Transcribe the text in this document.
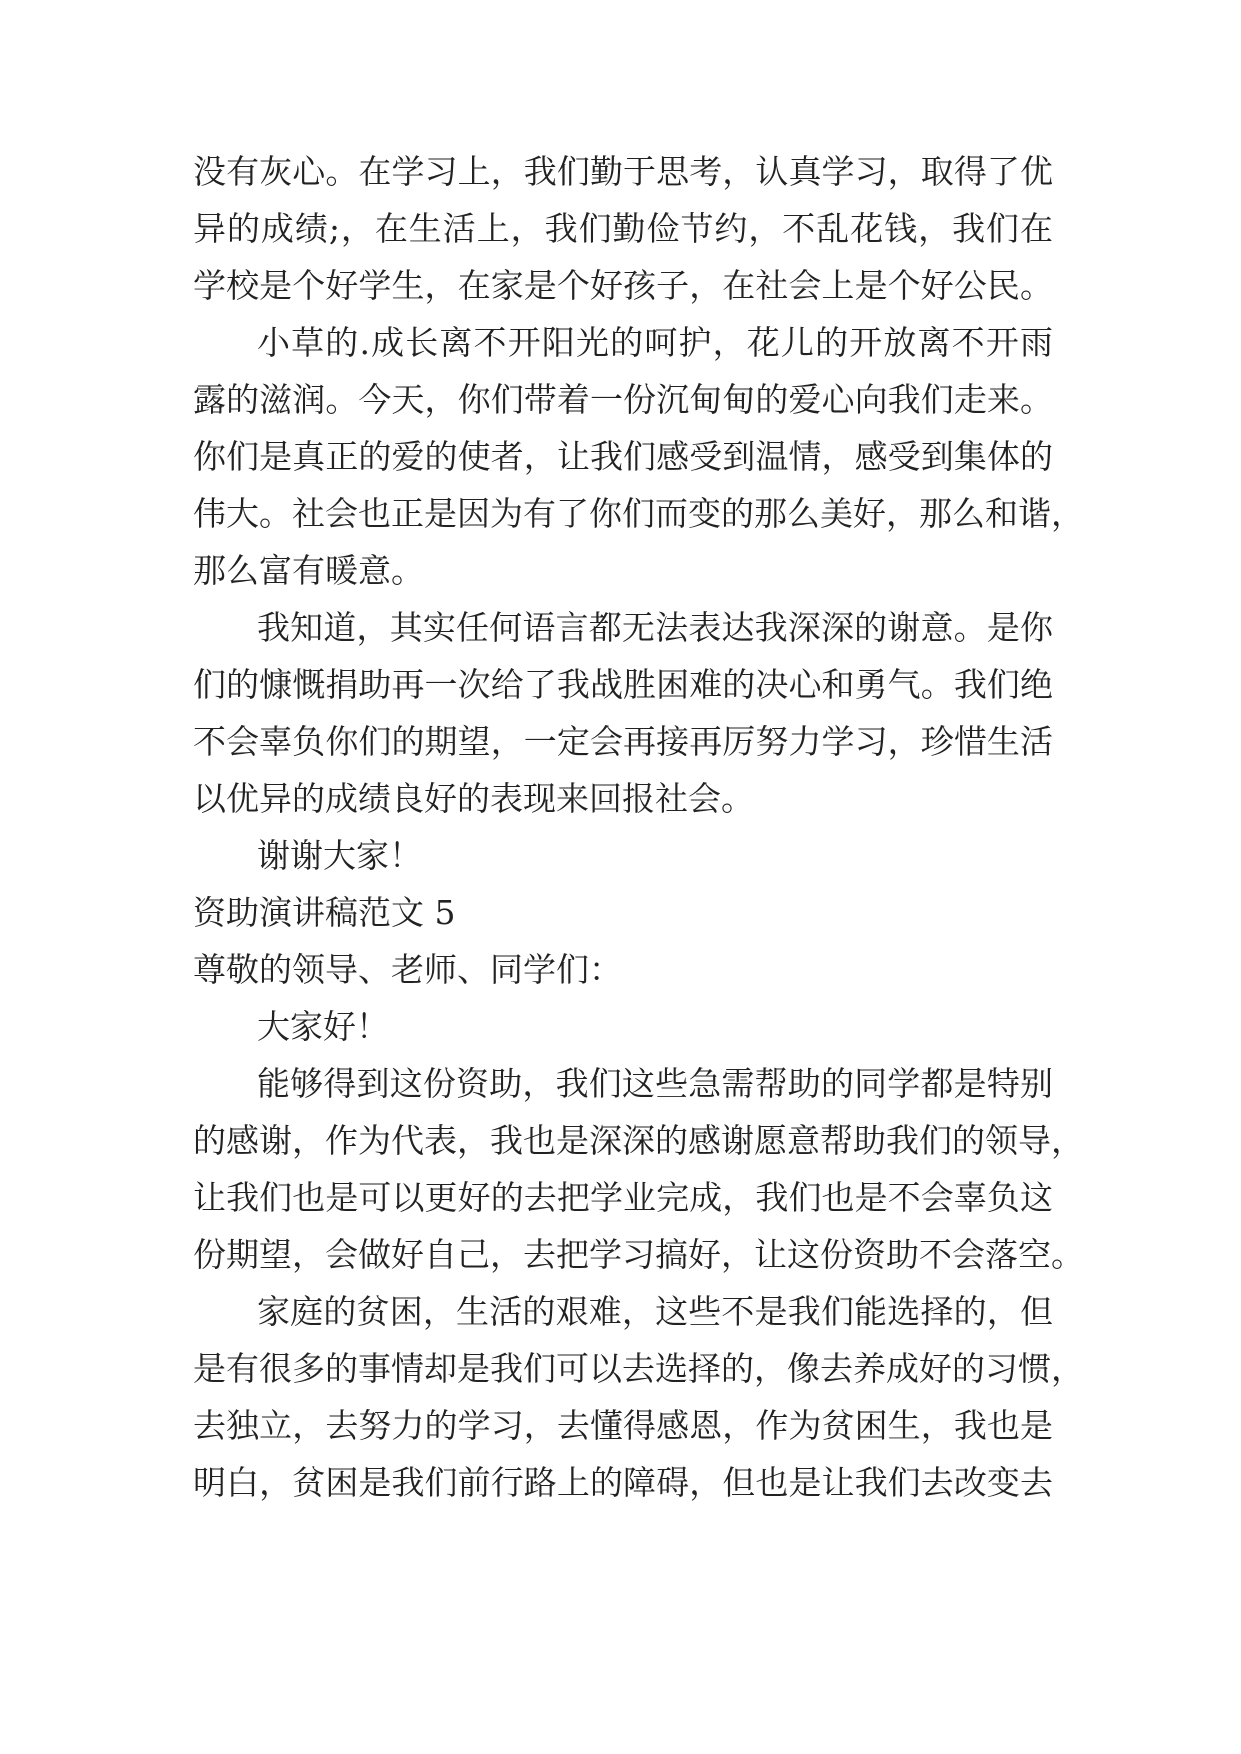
没有灰心。在学习上，我们勤于思考，认真学习，取得了优
异的成绩;，在生活上，我们勤俭节约，不乱花钱，我们在
学校是个好学生，在家是个好孩子，在社会上是个好公民。
小草的.成长离不开阳光的呵护，花儿的开放离不开雨
露的滋润。今天，你们带着一份沉甸甸的爱心向我们走来。
你们是真正的爱的使者，让我们感受到温情，感受到集体的
伟大。社会也正是因为有了你们而变的那么美好，那么和谐，
那么富有暖意。
我知道，其实任何语言都无法表达我深深的谢意。是你
们的慷慨捐助再一次给了我战胜困难的决心和勇气。我们绝
不会辜负你们的期望，一定会再接再厉努力学习，珍惜生活
以优异的成绩良好的表现来回报社会。
谢谢大家！
资助演讲稿范文 5
尊敬的领导、老师、同学们：
大家好！
能够得到这份资助，我们这些急需帮助的同学都是特别
的感谢，作为代表，我也是深深的感谢愿意帮助我们的领导，
让我们也是可以更好的去把学业完成，我们也是不会辜负这
份期望，会做好自己，去把学习搞好，让这份资助不会落空。
家庭的贫困，生活的艰难，这些不是我们能选择的，但
是有很多的事情却是我们可以去选择的，像去养成好的习惯，
去独立，去努力的学习，去懂得感恩，作为贫困生，我也是
明白，贫困是我们前行路上的障碍，但也是让我们去改变去
